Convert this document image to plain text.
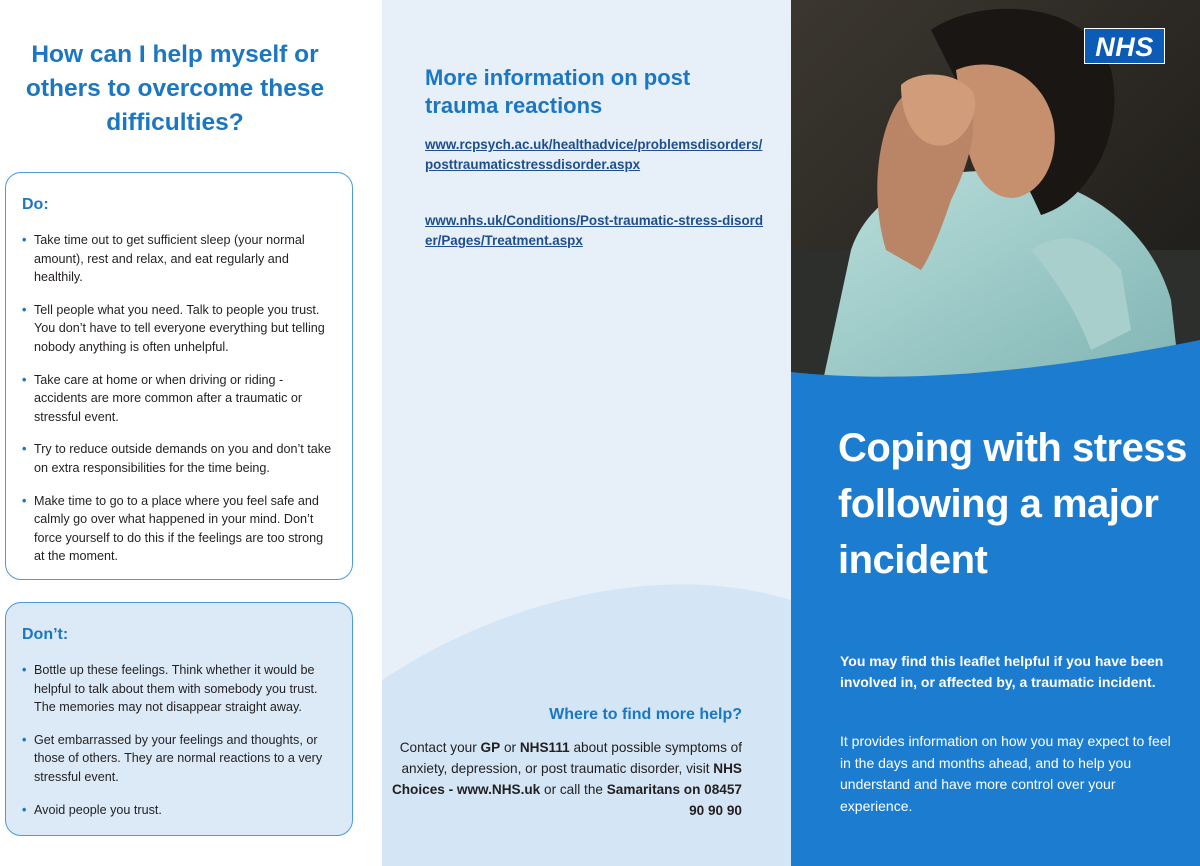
How can I help myself or others to overcome these difficulties?
Do:
• Take time out to get sufficient sleep (your normal amount), rest and relax, and eat regularly and healthily.
• Tell people what you need. Talk to people you trust. You don’t have to tell everyone everything but telling nobody anything is often unhelpful.
• Take care at home or when driving or riding - accidents are more common after a traumatic or stressful event.
• Try to reduce outside demands on you and don’t take on extra responsibilities for the time being.
• Make time to go to a place where you feel safe and calmly go over what happened in your mind. Don’t force yourself to do this if the feelings are too strong at the moment.
Don’t:
• Bottle up these feelings. Think whether it would be helpful to talk about them with somebody you trust. The memories may not disappear straight away.
• Get embarrassed by your feelings and thoughts, or those of others. They are normal reactions to a very stressful event.
• Avoid people you trust.
More information on post trauma reactions
www.rcpsych.ac.uk/healthadvice/problemsdisorders/posttraumaticstressdisorder.aspx
www.nhs.uk/Conditions/Post-traumatic-stress-disorder/Pages/Treatment.aspx
Where to find more help?
Contact your GP or NHS111 about possible symptoms of anxiety, depression, or post traumatic disorder, visit NHS Choices - www.NHS.uk or call the Samaritans on 08457 90 90 90
NHS
Coping with stress following a major incident
You may find this leaflet helpful if you have been involved in, or affected by, a traumatic incident.
It provides information on how you may expect to feel in the days and months ahead, and to help you understand and have more control over your experience.
